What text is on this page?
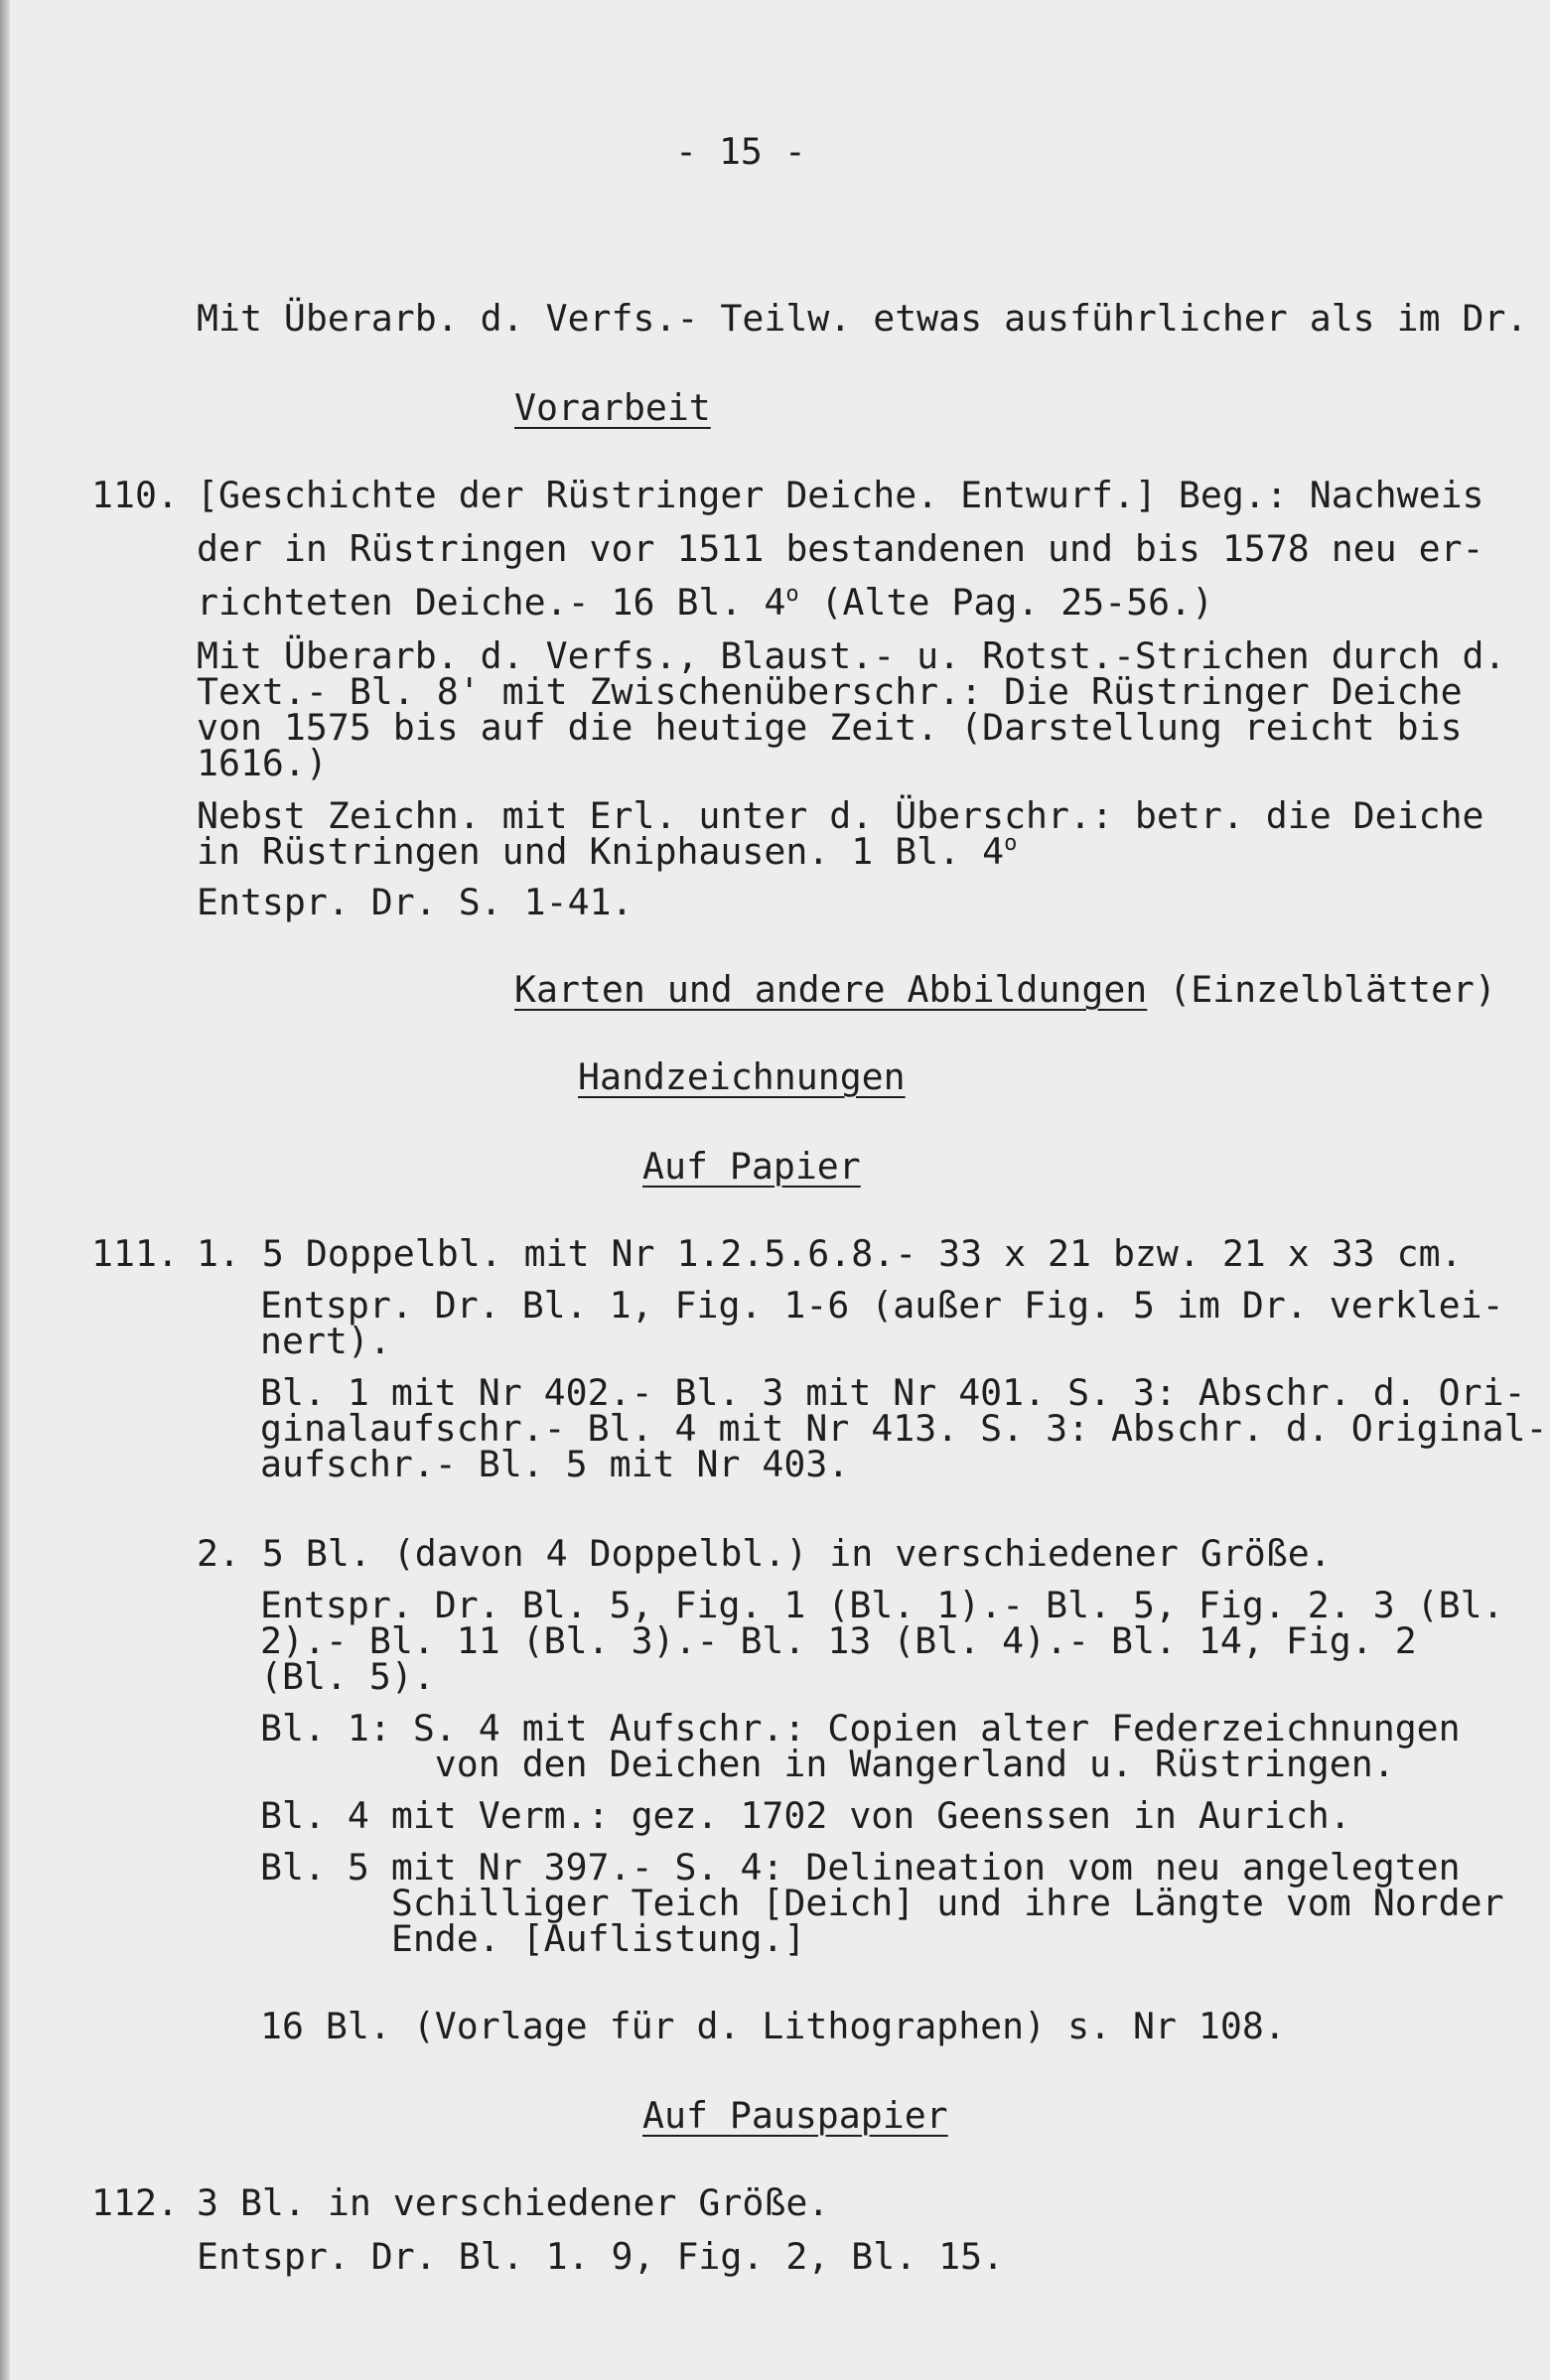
- 15 -
Mit Überarb. d. Verfs.- Teilw. etwas ausführlicher als im Dr.
Vorarbeit
110. [Geschichte der Rüstringer Deiche. Entwurf.] Beg.: Nachweis
der in Rüstringen vor 1511 bestandenen und bis 1578 neu er-
richteten Deiche.- 16 Bl. 4$^o$ (Alte Pag. 25-56.)
Mit Überarb. d. Verfs., Blaust.- u. Rotst.-Strichen durch d.
Text.- Bl. 8' mit Zwischenüberschr.: Die Rüstringer Deiche
von 1575 bis auf die heutige Zeit. (Darstellung reicht bis
1616.)
Nebst Zeichn. mit Erl. unter d. Überschr.: betr. die Deiche
in Rüstringen und Kniphausen. 1 Bl. 4$^o$
Entspr. Dr. S. 1-41.
Karten und andere Abbildungen (Einzelblätter)
Handzeichnungen
Auf Papier
111. 1. 5 Doppelbl. mit Nr 1.2.5.6.8.- 33 x 21 bzw. 21 x 33 cm.
Entspr. Dr. Bl. 1, Fig. 1-6 (außer Fig. 5 im Dr. verklei-
nert).
Bl. 1 mit Nr 402.- Bl. 3 mit Nr 401. S. 3: Abschr. d. Ori-
ginalaufschr.- Bl. 4 mit Nr 413. S. 3: Abschr. d. Original-
aufschr.- Bl. 5 mit Nr 403.
2. 5 Bl. (davon 4 Doppelbl.) in verschiedener Größe.
Entspr. Dr. Bl. 5, Fig. 1 (Bl. 1).- Bl. 5, Fig. 2. 3 (Bl.
2).- Bl. 11 (Bl. 3).- Bl. 13 (Bl. 4).- Bl. 14, Fig. 2
(Bl. 5).
Bl. 1: S. 4 mit Aufschr.: Copien alter Federzeichnungen
von den Deichen in Wangerland u. Rüstringen.
Bl. 4 mit Verm.: gez. 1702 von Geenssen in Aurich.
Bl. 5 mit Nr 397.- S. 4: Delineation vom neu angelegten
Schilliger Teich [Deich] und ihre Längte vom Norder
Ende. [Auflistung.]
16 Bl. (Vorlage für d. Lithographen) s. Nr 108.
Auf Pauspapier
112. 3 Bl. in verschiedener Größe.
Entspr. Dr. Bl. 1. 9, Fig. 2, Bl. 15.
